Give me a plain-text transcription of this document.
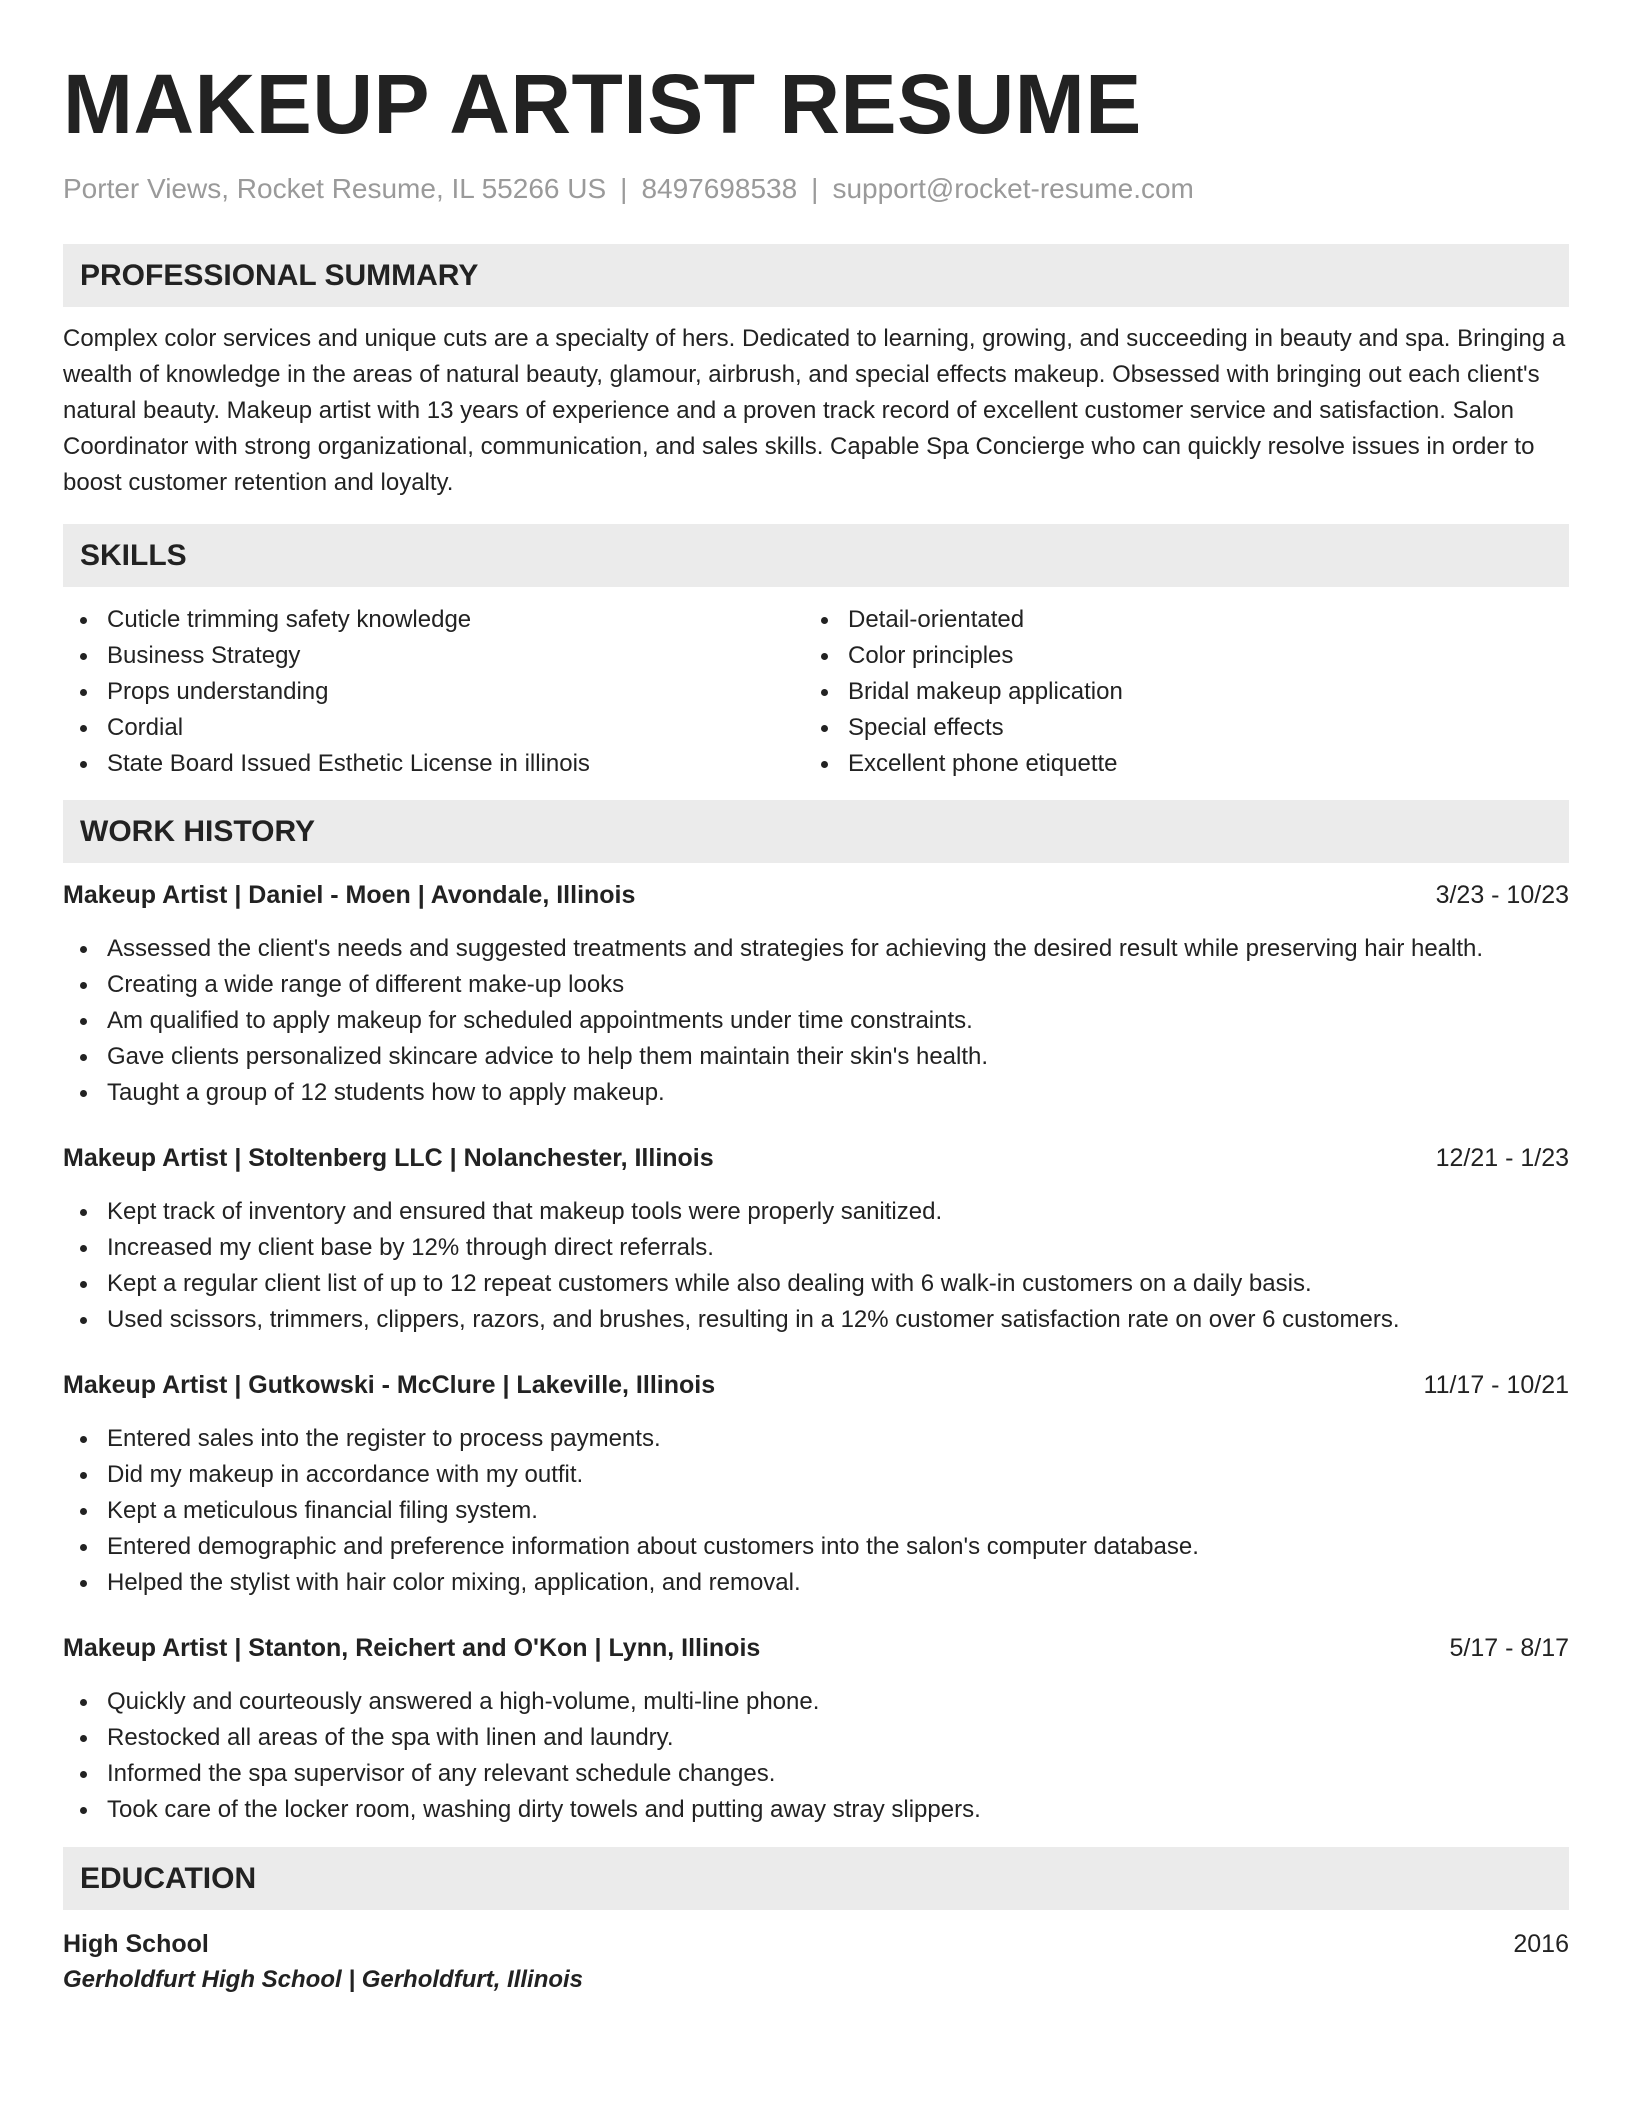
MAKEUP ARTIST RESUME
Porter Views, Rocket Resume, IL 55266 US | 8497698538 | support@rocket-resume.com
PROFESSIONAL SUMMARY
Complex color services and unique cuts are a specialty of hers. Dedicated to learning, growing, and succeeding in beauty and spa. Bringing a wealth of knowledge in the areas of natural beauty, glamour, airbrush, and special effects makeup. Obsessed with bringing out each client's natural beauty. Makeup artist with 13 years of experience and a proven track record of excellent customer service and satisfaction. Salon Coordinator with strong organizational, communication, and sales skills. Capable Spa Concierge who can quickly resolve issues in order to boost customer retention and loyalty.
SKILLS
Cuticle trimming safety knowledge
Business Strategy
Props understanding
Cordial
State Board Issued Esthetic License in illinois
Detail-orientated
Color principles
Bridal makeup application
Special effects
Excellent phone etiquette
WORK HISTORY
Makeup Artist | Daniel - Moen | Avondale, Illinois	3/23 - 10/23
Assessed the client's needs and suggested treatments and strategies for achieving the desired result while preserving hair health.
Creating a wide range of different make-up looks
Am qualified to apply makeup for scheduled appointments under time constraints.
Gave clients personalized skincare advice to help them maintain their skin's health.
Taught a group of 12 students how to apply makeup.
Makeup Artist | Stoltenberg LLC | Nolanchester, Illinois	12/21 - 1/23
Kept track of inventory and ensured that makeup tools were properly sanitized.
Increased my client base by 12% through direct referrals.
Kept a regular client list of up to 12 repeat customers while also dealing with 6 walk-in customers on a daily basis.
Used scissors, trimmers, clippers, razors, and brushes, resulting in a 12% customer satisfaction rate on over 6 customers.
Makeup Artist | Gutkowski - McClure | Lakeville, Illinois	11/17 - 10/21
Entered sales into the register to process payments.
Did my makeup in accordance with my outfit.
Kept a meticulous financial filing system.
Entered demographic and preference information about customers into the salon's computer database.
Helped the stylist with hair color mixing, application, and removal.
Makeup Artist | Stanton, Reichert and O'Kon | Lynn, Illinois	5/17 - 8/17
Quickly and courteously answered a high-volume, multi-line phone.
Restocked all areas of the spa with linen and laundry.
Informed the spa supervisor of any relevant schedule changes.
Took care of the locker room, washing dirty towels and putting away stray slippers.
EDUCATION
High School	2016
Gerholdfurt High School | Gerholdfurt, Illinois
